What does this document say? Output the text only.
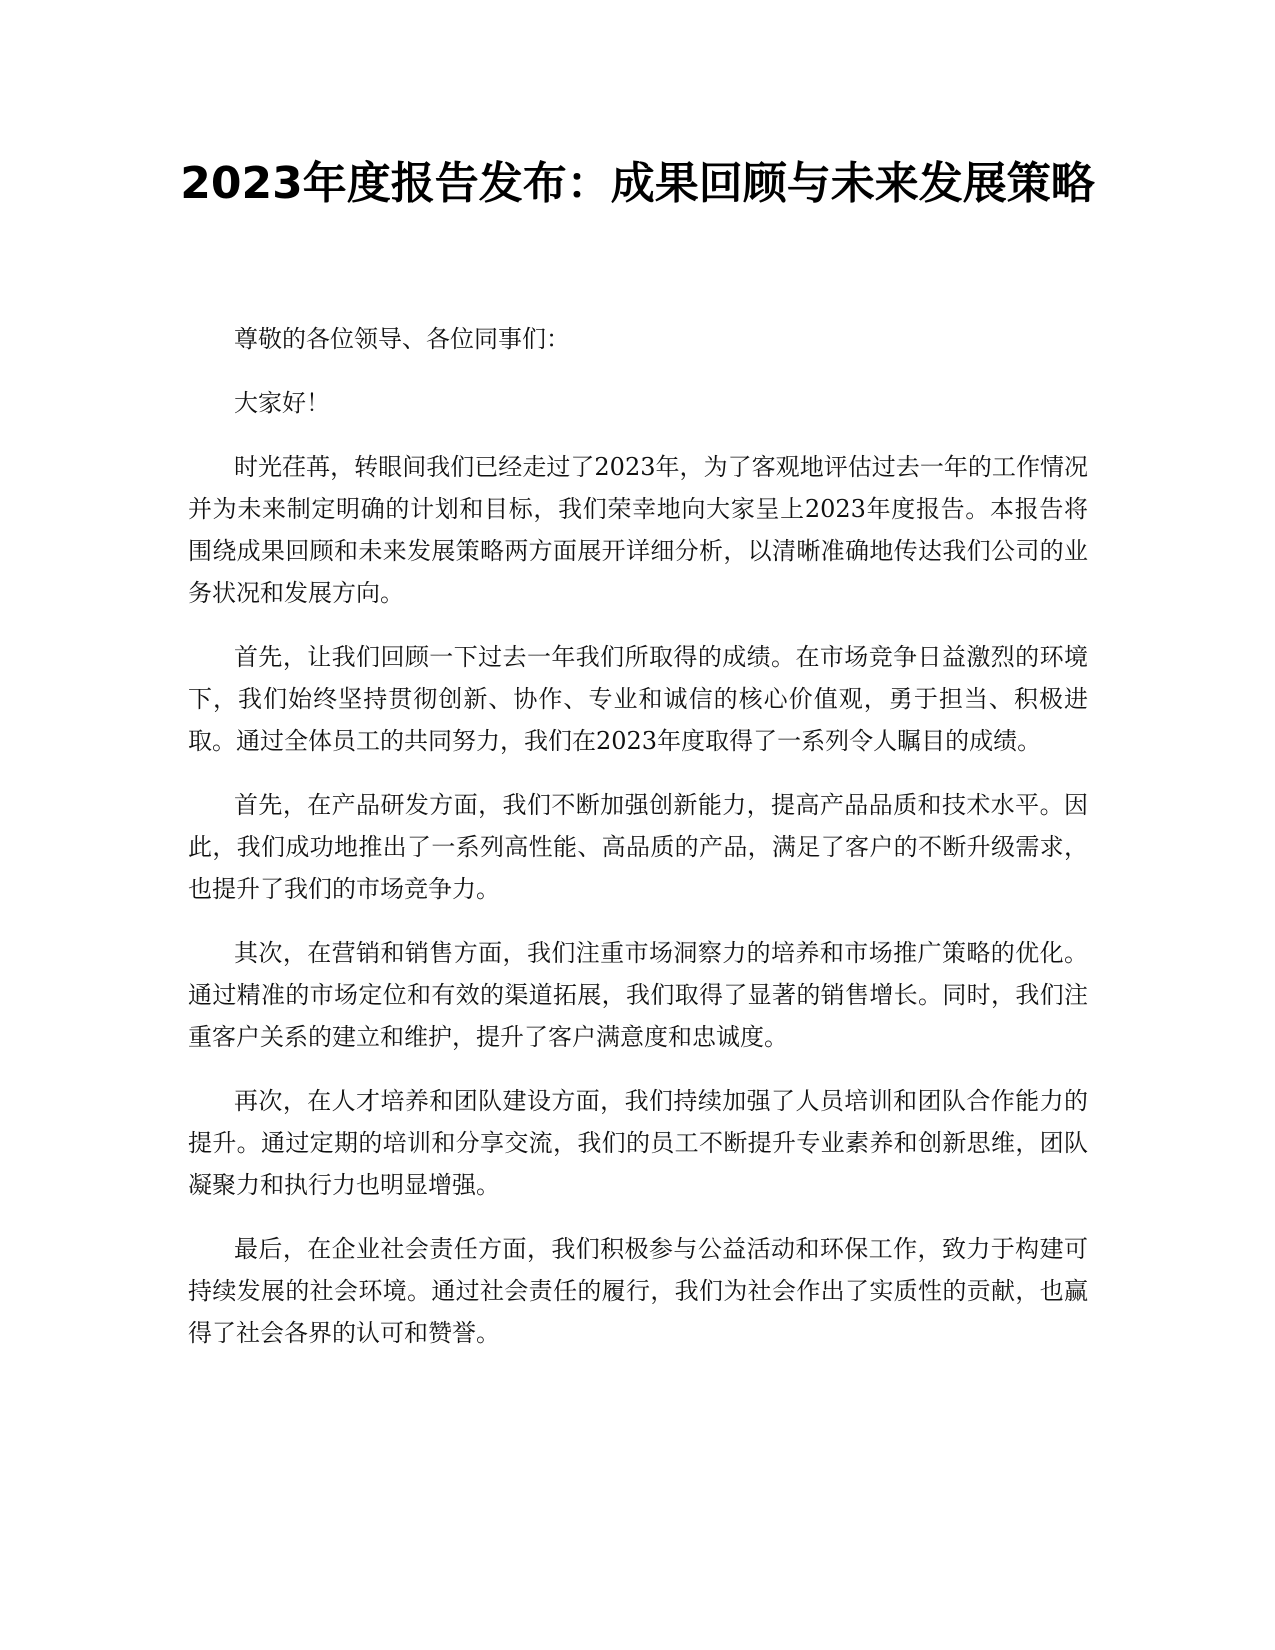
2023年度报告发布：成果回顾与未来发展策略

尊敬的各位领导、各位同事们：

大家好！

时光荏苒，转眼间我们已经走过了2023年，为了客观地评估过去一年的工作情况并为未来制定明确的计划和目标，我们荣幸地向大家呈上2023年度报告。本报告将围绕成果回顾和未来发展策略两方面展开详细分析，以清晰准确地传达我们公司的业务状况和发展方向。

首先，让我们回顾一下过去一年我们所取得的成绩。在市场竞争日益激烈的环境下，我们始终坚持贯彻创新、协作、专业和诚信的核心价值观，勇于担当、积极进取。通过全体员工的共同努力，我们在2023年度取得了一系列令人瞩目的成绩。

首先，在产品研发方面，我们不断加强创新能力，提高产品品质和技术水平。因此，我们成功地推出了一系列高性能、高品质的产品，满足了客户的不断升级需求，也提升了我们的市场竞争力。

其次，在营销和销售方面，我们注重市场洞察力的培养和市场推广策略的优化。通过精准的市场定位和有效的渠道拓展，我们取得了显著的销售增长。同时，我们注重客户关系的建立和维护，提升了客户满意度和忠诚度。

再次，在人才培养和团队建设方面，我们持续加强了人员培训和团队合作能力的提升。通过定期的培训和分享交流，我们的员工不断提升专业素养和创新思维，团队凝聚力和执行力也明显增强。

最后，在企业社会责任方面，我们积极参与公益活动和环保工作，致力于构建可持续发展的社会环境。通过社会责任的履行，我们为社会作出了实质性的贡献，也赢得了社会各界的认可和赞誉。
